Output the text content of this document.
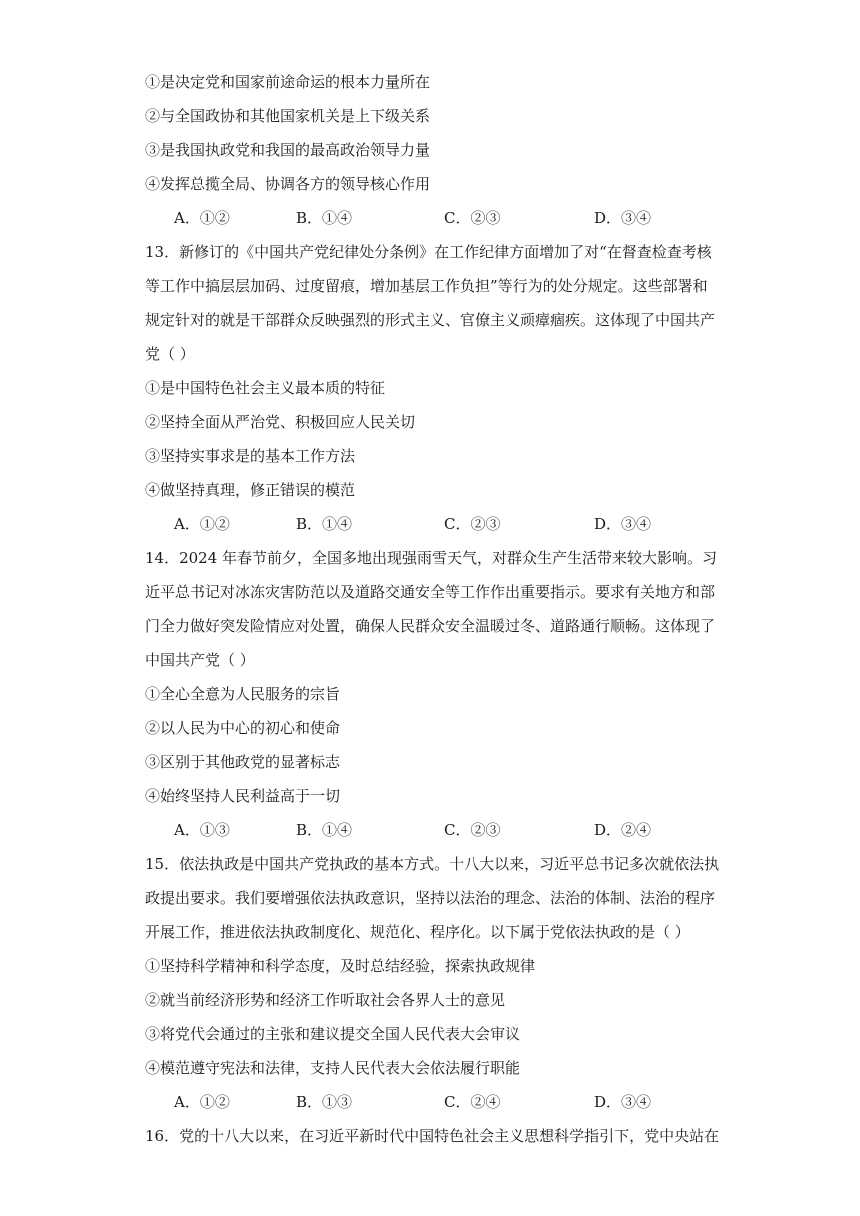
①是决定党和国家前途命运的根本力量所在
②与全国政协和其他国家机关是上下级关系
③是我国执政党和我国的最高政治领导力量
④发挥总揽全局、协调各方的领导核心作用
A．①②	B．①④	C．②③	D．③④
13．新修订的《中国共产党纪律处分条例》在工作纪律方面增加了对“在督查检查考核
等工作中搞层层加码、过度留痕，增加基层工作负担”等行为的处分规定。这些部署和
规定针对的就是干部群众反映强烈的形式主义、官僚主义顽瘴痼疾。这体现了中国共产
党（ ）
①是中国特色社会主义最本质的特征
②坚持全面从严治党、积极回应人民关切
③坚持实事求是的基本工作方法
④做坚持真理，修正错误的模范
A．①②	B．①④	C．②③	D．③④
14．2024 年春节前夕，全国多地出现强雨雪天气，对群众生产生活带来较大影响。习
近平总书记对冰冻灾害防范以及道路交通安全等工作作出重要指示。要求有关地方和部
门全力做好突发险情应对处置，确保人民群众安全温暖过冬、道路通行顺畅。这体现了
中国共产党（ ）
①全心全意为人民服务的宗旨
②以人民为中心的初心和使命
③区别于其他政党的显著标志
④始终坚持人民利益高于一切
A．①③	B．①④	C．②③	D．②④
15．依法执政是中国共产党执政的基本方式。十八大以来，习近平总书记多次就依法执
政提出要求。我们要增强依法执政意识，坚持以法治的理念、法治的体制、法治的程序
开展工作，推进依法执政制度化、规范化、程序化。以下属于党依法执政的是（ ）
①坚持科学精神和科学态度，及时总结经验，探索执政规律
②就当前经济形势和经济工作听取社会各界人士的意见
③将党代会通过的主张和建议提交全国人民代表大会审议
④模范遵守宪法和法律，支持人民代表大会依法履行职能
A．①②	B．①③	C．②④	D．③④
16．党的十八大以来，在习近平新时代中国特色社会主义思想科学指引下，党中央站在
